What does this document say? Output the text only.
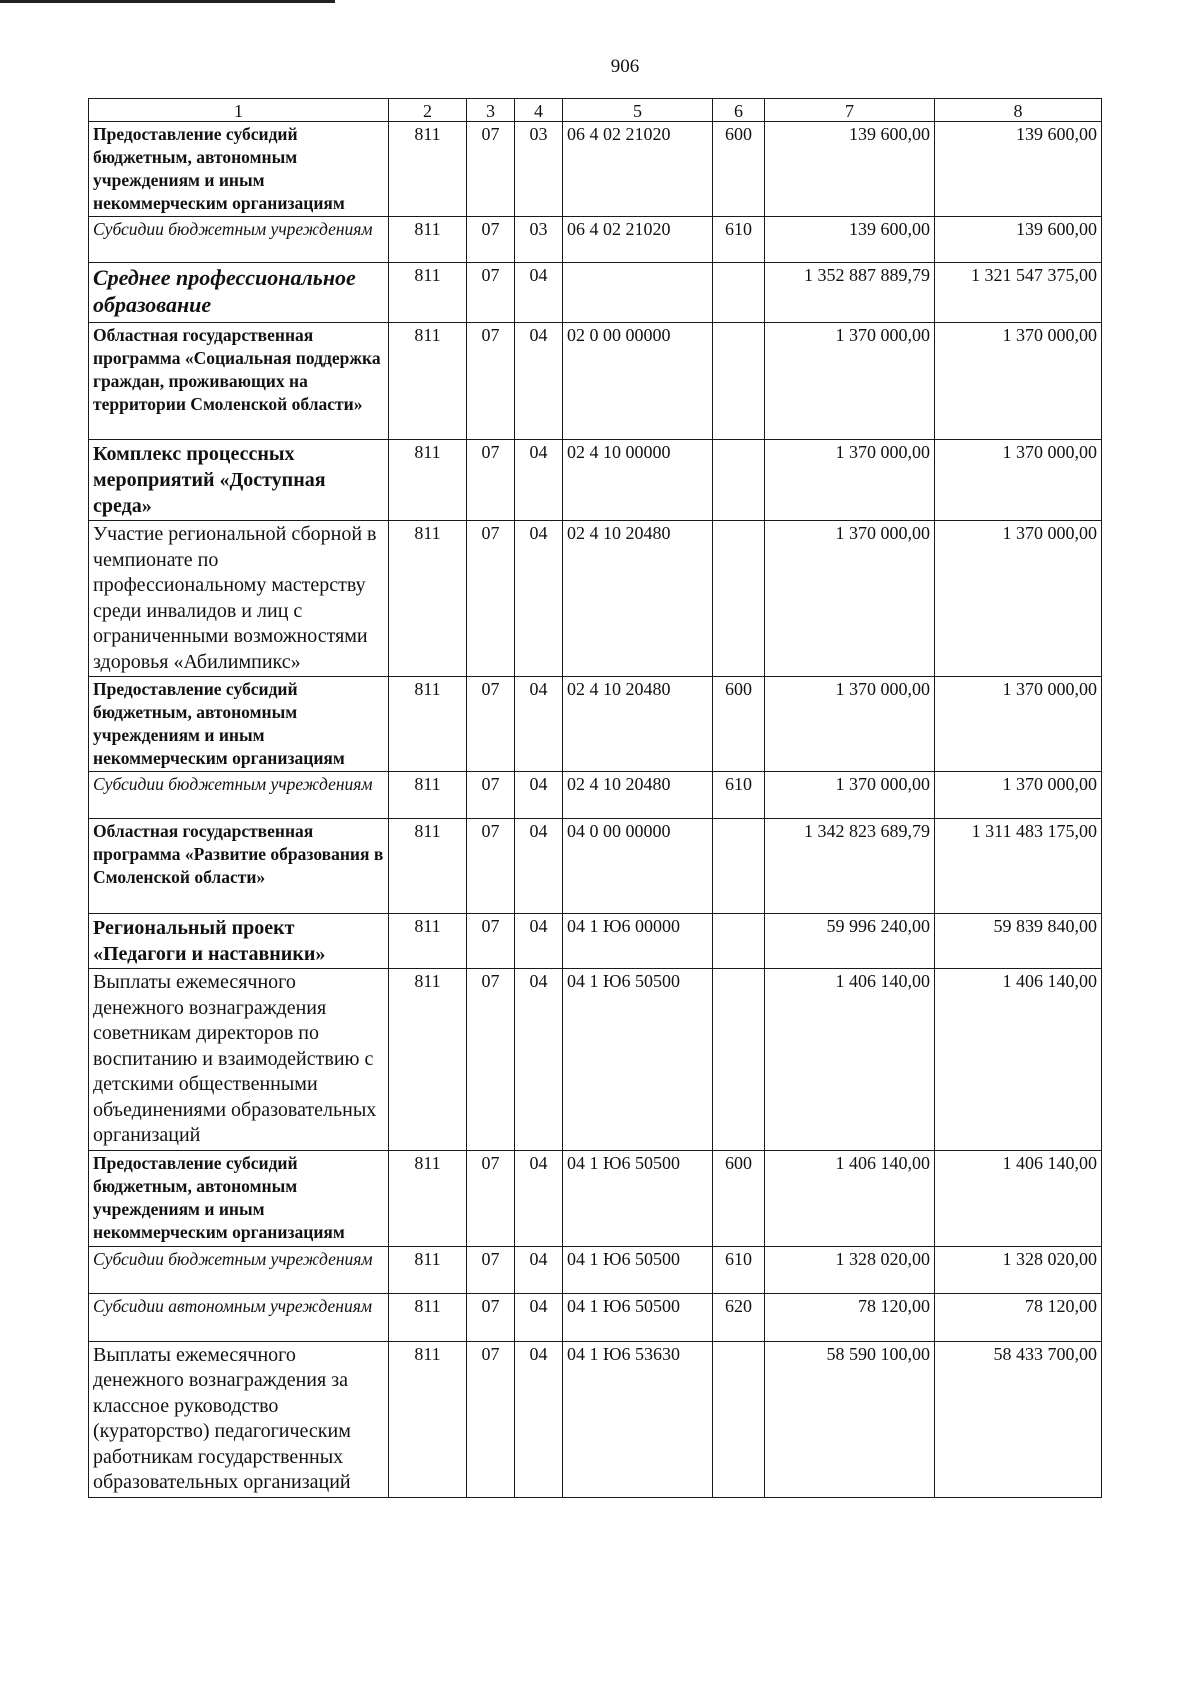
906
1	2	3	4	5	6	7	8
Предоставление субсидий бюджетным, автономным учреждениям и иным некоммерческим организациям	811	07	03	06 4 02 21020	600	139 600,00	139 600,00
Субсидии бюджетным учреждениям	811	07	03	06 4 02 21020	610	139 600,00	139 600,00
Среднее профессиональное образование	811	07	04			1 352 887 889,79	1 321 547 375,00
Областная государственная программа «Социальная поддержка граждан, проживающих на территории Смоленской области»	811	07	04	02 0 00 00000		1 370 000,00	1 370 000,00
Комплекс процессных мероприятий «Доступная среда»	811	07	04	02 4 10 00000		1 370 000,00	1 370 000,00
Участие региональной сборной в чемпионате по профессиональному мастерству среди инвалидов и лиц с ограниченными возможностями здоровья «Абилимпикс»	811	07	04	02 4 10 20480		1 370 000,00	1 370 000,00
Предоставление субсидий бюджетным, автономным учреждениям и иным некоммерческим организациям	811	07	04	02 4 10 20480	600	1 370 000,00	1 370 000,00
Субсидии бюджетным учреждениям	811	07	04	02 4 10 20480	610	1 370 000,00	1 370 000,00
Областная государственная программа «Развитие образования в Смоленской области»	811	07	04	04 0 00 00000		1 342 823 689,79	1 311 483 175,00
Региональный проект «Педагоги и наставники»	811	07	04	04 1 Ю6 00000		59 996 240,00	59 839 840,00
Выплаты ежемесячного денежного вознаграждения советникам директоров по воспитанию и взаимодействию с детскими общественными объединениями образовательных организаций	811	07	04	04 1 Ю6 50500		1 406 140,00	1 406 140,00
Предоставление субсидий бюджетным, автономным учреждениям и иным некоммерческим организациям	811	07	04	04 1 Ю6 50500	600	1 406 140,00	1 406 140,00
Субсидии бюджетным учреждениям	811	07	04	04 1 Ю6 50500	610	1 328 020,00	1 328 020,00
Субсидии автономным учреждениям	811	07	04	04 1 Ю6 50500	620	78 120,00	78 120,00
Выплаты ежемесячного денежного вознаграждения за классное руководство (кураторство) педагогическим работникам государственных образовательных организаций	811	07	04	04 1 Ю6 53630		58 590 100,00	58 433 700,00
